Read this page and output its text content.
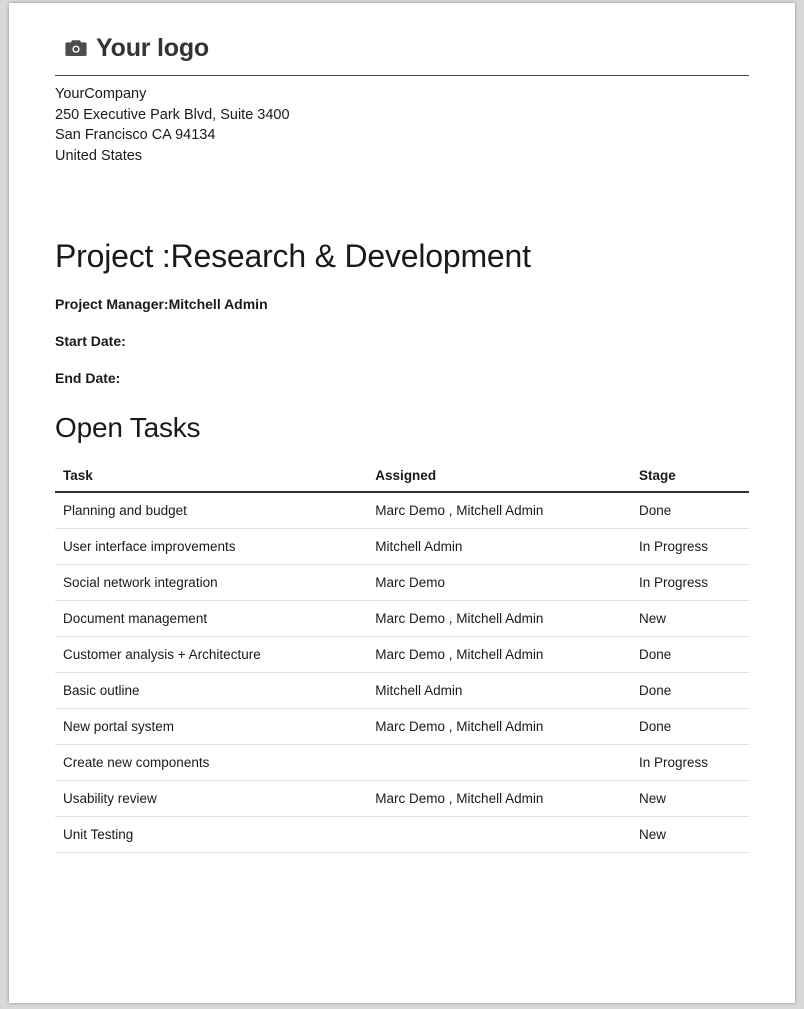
Your logo
YourCompany
250 Executive Park Blvd, Suite 3400
San Francisco CA 94134
United States
Project :Research & Development
Project Manager:Mitchell Admin
Start Date:
End Date:
Open Tasks
Task	Assigned	Stage
Planning and budget	Marc Demo , Mitchell Admin	Done
User interface improvements	Mitchell Admin	In Progress
Social network integration	Marc Demo	In Progress
Document management	Marc Demo , Mitchell Admin	New
Customer analysis + Architecture	Marc Demo , Mitchell Admin	Done
Basic outline	Mitchell Admin	Done
New portal system	Marc Demo , Mitchell Admin	Done
Create new components		In Progress
Usability review	Marc Demo , Mitchell Admin	New
Unit Testing		New
